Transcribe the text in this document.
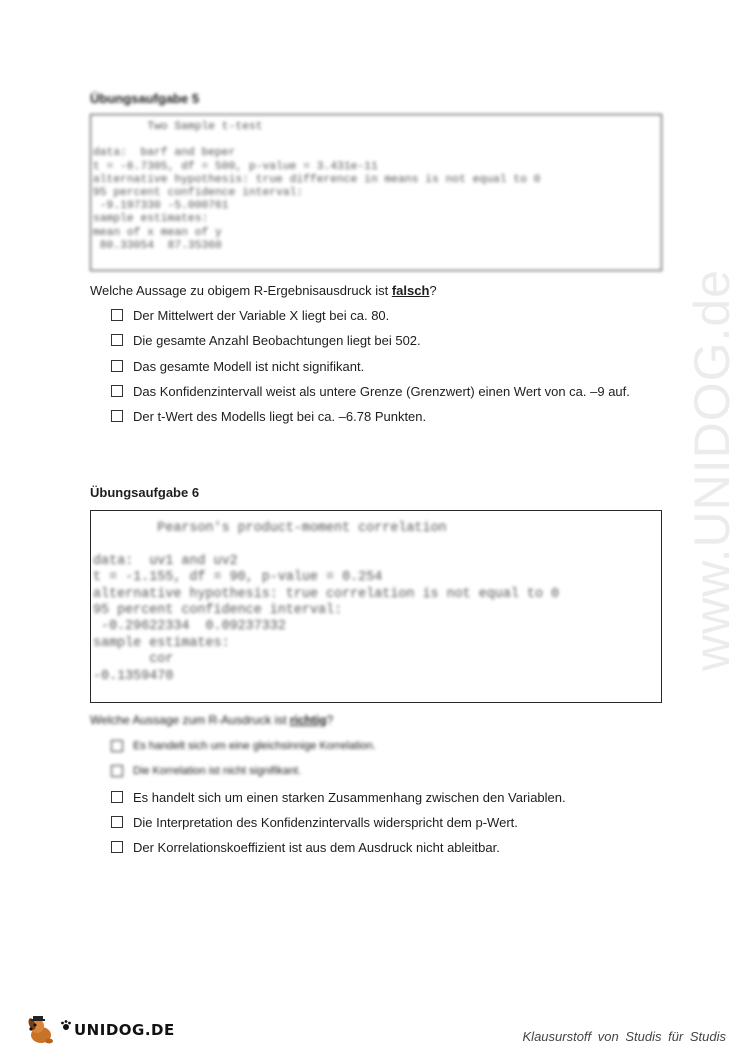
www.UNIDOG.de
Übungsaufgabe 5
Two Sample t-test

data:  barf and beper
t = -6.7305, df = 500, p-value = 3.431e-11
alternative hypothesis: true difference in means is not equal to 0
95 percent confidence interval:
-9.197330 -5.000761
sample estimates:
mean of x mean of y
80.33054  87.35360
Welche Aussage zu obigem R-Ergebnisausdruck ist falsch?
Der Mittelwert der Variable X liegt bei ca. 80.
Die gesamte Anzahl Beobachtungen liegt bei 502.
Das gesamte Modell ist nicht signifikant.
Das Konfidenzintervall weist als untere Grenze (Grenzwert) einen Wert von ca. –9 auf.
Der t-Wert des Modells liegt bei ca. –6.78 Punkten.
Übungsaufgabe 6
Pearson's product-moment correlation

data:  uv1 and uv2
t = -1.155, df = 90, p-value = 0.254
alternative hypothesis: true correlation is not equal to 0
95 percent confidence interval:
-0.29622334  0.09237332
sample estimates:
cor
-0.1359470
Welche Aussage zum R-Ausdruck ist richtig?
Es handelt sich um eine gleichsinnige Korrelation.
Die Korrelation ist nicht signifikant.
Es handelt sich um einen starken Zusammenhang zwischen den Variablen.
Die Interpretation des Konfidenzintervalls widerspricht dem p-Wert.
Der Korrelationskoeffizient ist aus dem Ausdruck nicht ableitbar.
UNIDOG.DE	Klausurstoff von Studis für Studis
